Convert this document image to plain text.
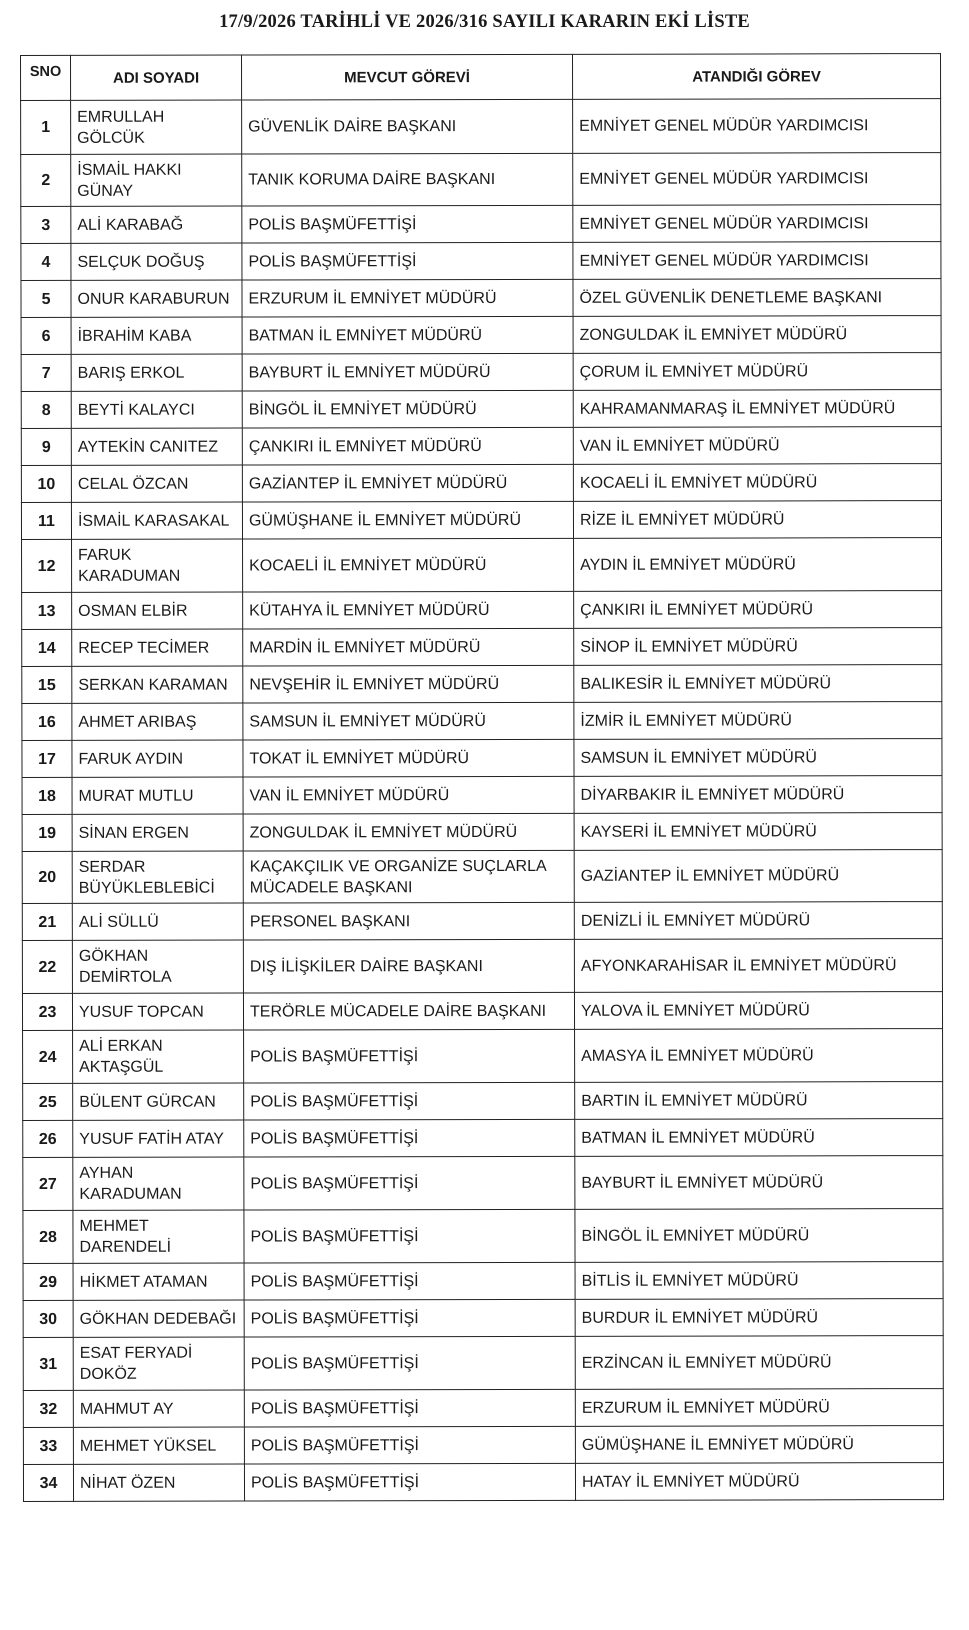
17/9/2026 TARİHLİ VE 2026/316 SAYILI KARARIN EKİ LİSTE
SNO	ADI SOYADI	MEVCUT GÖREVİ	ATANDIĞI GÖREV
1	EMRULLAH GÖLCÜK	GÜVENLİK DAİRE BAŞKANI	EMNİYET GENEL MÜDÜR YARDIMCISI
2	İSMAİL HAKKI GÜNAY	TANIK KORUMA DAİRE BAŞKANI	EMNİYET GENEL MÜDÜR YARDIMCISI
3	ALİ KARABAĞ	POLİS BAŞMÜFETTİŞİ	EMNİYET GENEL MÜDÜR YARDIMCISI
4	SELÇUK DOĞUŞ	POLİS BAŞMÜFETTİŞİ	EMNİYET GENEL MÜDÜR YARDIMCISI
5	ONUR KARABURUN	ERZURUM İL EMNİYET MÜDÜRÜ	ÖZEL GÜVENLİK DENETLEME BAŞKANI
6	İBRAHİM KABA	BATMAN İL EMNİYET MÜDÜRÜ	ZONGULDAK İL EMNİYET MÜDÜRÜ
7	BARIŞ ERKOL	BAYBURT İL EMNİYET MÜDÜRÜ	ÇORUM İL EMNİYET MÜDÜRÜ
8	BEYTİ KALAYCI	BİNGÖL İL EMNİYET MÜDÜRÜ	KAHRAMANMARAŞ İL EMNİYET MÜDÜRÜ
9	AYTEKİN CANITEZ	ÇANKIRI İL EMNİYET MÜDÜRÜ	VAN İL EMNİYET MÜDÜRÜ
10	CELAL ÖZCAN	GAZİANTEP İL EMNİYET MÜDÜRÜ	KOCAELİ İL EMNİYET MÜDÜRÜ
11	İSMAİL KARASAKAL	GÜMÜŞHANE İL EMNİYET MÜDÜRÜ	RİZE İL EMNİYET MÜDÜRÜ
12	FARUK KARADUMAN	KOCAELİ İL EMNİYET MÜDÜRÜ	AYDIN İL EMNİYET MÜDÜRÜ
13	OSMAN ELBİR	KÜTAHYA İL EMNİYET MÜDÜRÜ	ÇANKIRI İL EMNİYET MÜDÜRÜ
14	RECEP TECİMER	MARDİN İL EMNİYET MÜDÜRÜ	SİNOP İL EMNİYET MÜDÜRÜ
15	SERKAN KARAMAN	NEVŞEHİR İL EMNİYET MÜDÜRÜ	BALIKESİR İL EMNİYET MÜDÜRÜ
16	AHMET ARIBAŞ	SAMSUN İL EMNİYET MÜDÜRÜ	İZMİR İL EMNİYET MÜDÜRÜ
17	FARUK AYDIN	TOKAT İL EMNİYET MÜDÜRÜ	SAMSUN İL EMNİYET MÜDÜRÜ
18	MURAT MUTLU	VAN İL EMNİYET MÜDÜRÜ	DİYARBAKIR İL EMNİYET MÜDÜRÜ
19	SİNAN ERGEN	ZONGULDAK İL EMNİYET MÜDÜRÜ	KAYSERİ İL EMNİYET MÜDÜRÜ
20	SERDAR BÜYÜKLEBLEBİCİ	KAÇAKÇILIK VE ORGANİZE SUÇLARLA MÜCADELE BAŞKANI	GAZİANTEP İL EMNİYET MÜDÜRÜ
21	ALİ SÜLLÜ	PERSONEL BAŞKANI	DENİZLİ İL EMNİYET MÜDÜRÜ
22	GÖKHAN DEMİRTOLA	DIŞ İLİŞKİLER DAİRE BAŞKANI	AFYONKARAHİSAR İL EMNİYET MÜDÜRÜ
23	YUSUF TOPCAN	TERÖRLE MÜCADELE DAİRE BAŞKANI	YALOVA İL EMNİYET MÜDÜRÜ
24	ALİ ERKAN AKTAŞGÜL	POLİS BAŞMÜFETTİŞİ	AMASYA İL EMNİYET MÜDÜRÜ
25	BÜLENT GÜRCAN	POLİS BAŞMÜFETTİŞİ	BARTIN İL EMNİYET MÜDÜRÜ
26	YUSUF FATİH ATAY	POLİS BAŞMÜFETTİŞİ	BATMAN İL EMNİYET MÜDÜRÜ
27	AYHAN KARADUMAN	POLİS BAŞMÜFETTİŞİ	BAYBURT İL EMNİYET MÜDÜRÜ
28	MEHMET DARENDELİ	POLİS BAŞMÜFETTİŞİ	BİNGÖL İL EMNİYET MÜDÜRÜ
29	HİKMET ATAMAN	POLİS BAŞMÜFETTİŞİ	BİTLİS İL EMNİYET MÜDÜRÜ
30	GÖKHAN DEDEBAĞI	POLİS BAŞMÜFETTİŞİ	BURDUR İL EMNİYET MÜDÜRÜ
31	ESAT FERYADİ DOKÖZ	POLİS BAŞMÜFETTİŞİ	ERZİNCAN İL EMNİYET MÜDÜRÜ
32	MAHMUT AY	POLİS BAŞMÜFETTİŞİ	ERZURUM İL EMNİYET MÜDÜRÜ
33	MEHMET YÜKSEL	POLİS BAŞMÜFETTİŞİ	GÜMÜŞHANE İL EMNİYET MÜDÜRÜ
34	NİHAT ÖZEN	POLİS BAŞMÜFETTİŞİ	HATAY İL EMNİYET MÜDÜRÜ
